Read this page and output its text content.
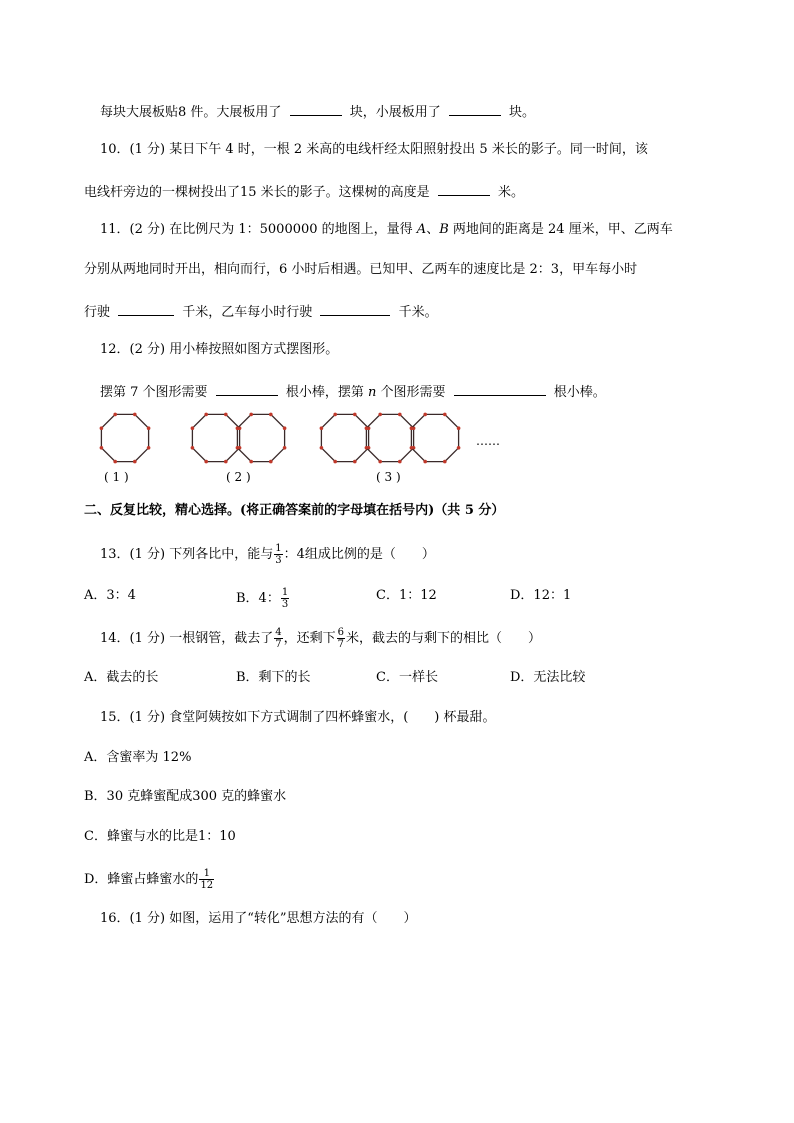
每块大展板贴8 件。大展板用了	块，小展板用了	块。
10．(1 分) 某日下午 4 时，一根 2 米高的电线杆经太阳照射投出 5 米长的影子。同一时间，该
电线杆旁边的一棵树投出了15 米长的影子。这棵树的高度是	米。
11．(2 分) 在比例尺为 1：5000000 的地图上，量得 A、B 两地间的距离是 24 厘米，甲、乙两车
分别从两地同时开出，相向而行，6 小时后相遇。已知甲、乙两车的速度比是 2：3，甲车每小时
行驶	千米，乙车每小时行驶	千米。
12．(2 分) 用小棒按照如图方式摆图形。
摆第 7 个图形需要	根小棒，摆第 n 个图形需要	根小棒。
( 1 )	( 2 )	( 3 )
……
二、反复比较，精心选择。(将正确答案前的字母填在括号内)（共 5 分）
13．(1 分) 下列各比中，能与 $\frac{1}{3}$ ：4组成比例的是（　　）
A．3：4	B．4： $\frac{1}{3}$	C．1：12	D．12：1
14．(1 分) 一根钢管，截去了 $\frac{4}{7}$ ，还剩下 $\frac{6}{7}$ 米，截去的与剩下的相比（　　）
A．截去的长	B．剩下的长	C．一样长	D．无法比较
15．(1 分) 食堂阿姨按如下方式调制了四杯蜂蜜水，(　　) 杯最甜。
A．含蜜率为 12%
B．30 克蜂蜜配成300 克的蜂蜜水
C．蜂蜜与水的比是1：10
D．蜂蜜占蜂蜜水的 $\frac{1}{12}$
16．(1 分) 如图，运用了“转化”思想方法的有（　　）
